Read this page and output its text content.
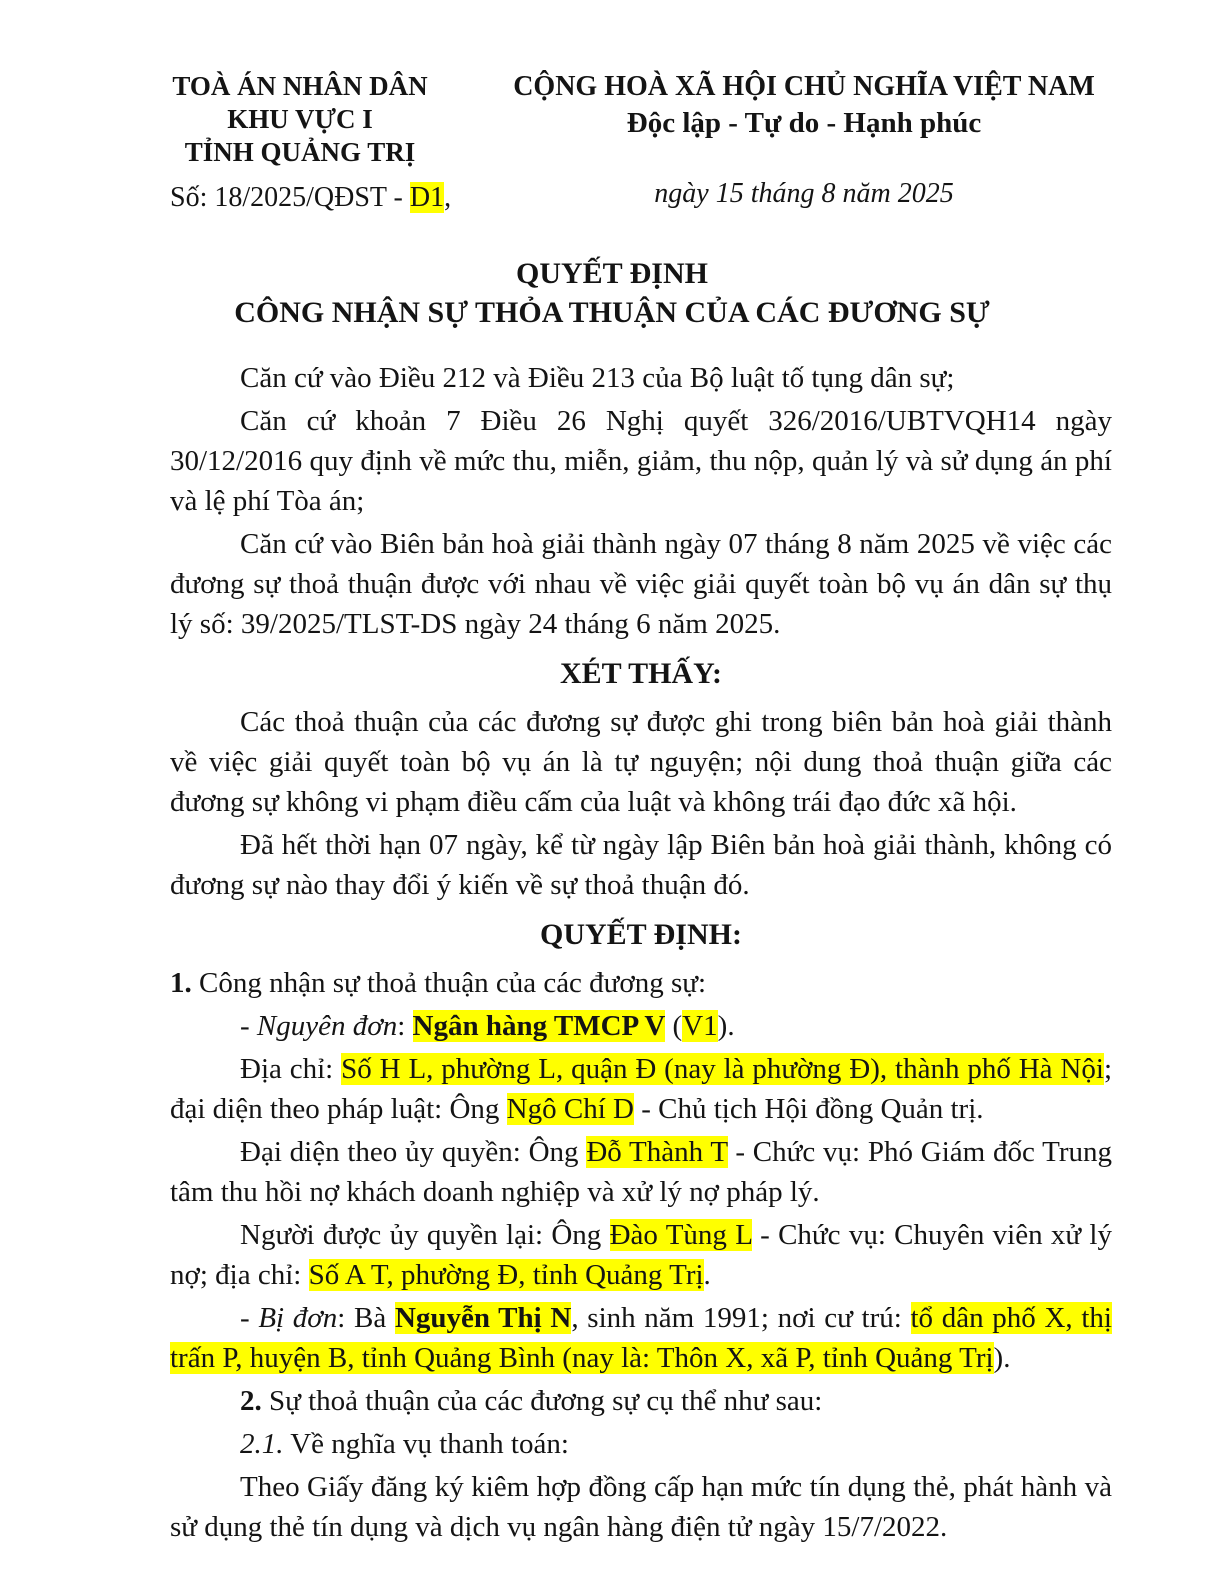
TOÀ ÁN NHÂN DÂN
KHU VỰC I
TỈNH QUẢNG TRỊ
Số: 18/2025/QĐST - D1,
CỘNG HOÀ XÃ HỘI CHỦ NGHĨA VIỆT NAM
Độc lập - Tự do - Hạnh phúc
ngày 15 tháng 8 năm 2025
QUYẾT ĐỊNH
CÔNG NHẬN SỰ THỎA THUẬN CỦA CÁC ĐƯƠNG SỰ

Căn cứ vào Điều 212 và Điều 213 của Bộ luật tố tụng dân sự;

Căn cứ khoản 7 Điều 26 Nghị quyết 326/2016/UBTVQH14 ngày 30/12/2016 quy định về mức thu, miễn, giảm, thu nộp, quản lý và sử dụng án phí và lệ phí Tòa án;

Căn cứ vào Biên bản hoà giải thành ngày 07 tháng 8 năm 2025 về việc các đương sự thoả thuận được với nhau về việc giải quyết toàn bộ vụ án dân sự thụ lý số: 39/2025/TLST-DS ngày 24 tháng 6 năm 2025.

XÉT THẤY:

Các thoả thuận của các đương sự được ghi trong biên bản hoà giải thành về việc giải quyết toàn bộ vụ án là tự nguyện; nội dung thoả thuận giữa các đương sự không vi phạm điều cấm của luật và không trái đạo đức xã hội.

Đã hết thời hạn 07 ngày, kể từ ngày lập Biên bản hoà giải thành, không có đương sự nào thay đổi ý kiến về sự thoả thuận đó.

QUYẾT ĐỊNH:

1. Công nhận sự thoả thuận của các đương sự:

- Nguyên đơn: Ngân hàng TMCP V (V1).

Địa chỉ: Số H L, phường L, quận Đ (nay là phường Đ), thành phố Hà Nội; đại diện theo pháp luật: Ông Ngô Chí D - Chủ tịch Hội đồng Quản trị.

Đại diện theo ủy quyền: Ông Đỗ Thành T - Chức vụ: Phó Giám đốc Trung tâm thu hồi nợ khách doanh nghiệp và xử lý nợ pháp lý.

Người được ủy quyền lại: Ông Đào Tùng L - Chức vụ: Chuyên viên xử lý nợ; địa chỉ: Số A T, phường Đ, tỉnh Quảng Trị.

- Bị đơn: Bà Nguyễn Thị N, sinh năm 1991; nơi cư trú: tổ dân phố X, thị trấn P, huyện B, tỉnh Quảng Bình (nay là: Thôn X, xã P, tỉnh Quảng Trị).

2. Sự thoả thuận của các đương sự cụ thể như sau:

2.1. Về nghĩa vụ thanh toán:

Theo Giấy đăng ký kiêm hợp đồng cấp hạn mức tín dụng thẻ, phát hành và sử dụng thẻ tín dụng và dịch vụ ngân hàng điện tử ngày 15/7/2022.
